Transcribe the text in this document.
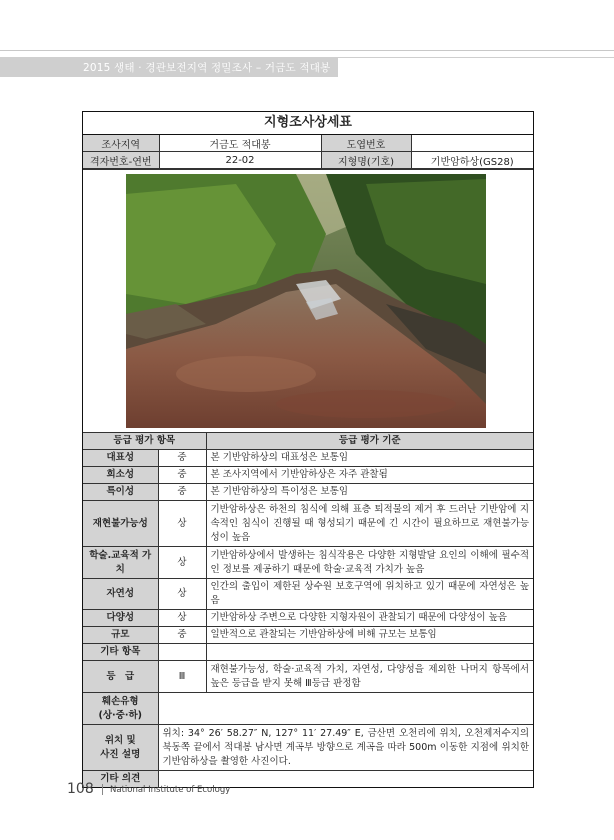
2015 생태 · 경관보전지역 정밀조사 – 거금도 적대봉
지형조사상세표
조사지역	거금도 적대봉	도엽번호	
격자번호-연번	22-02	지형명(기호)	기반암하상(GS28)
등급 평가 항목		등급 평가 기준
대표성	중	본 기반암하상의 대표성은 보통임
희소성	중	본 조사지역에서 기반암하상은 자주 관찰됨
특이성	중	본 기반암하상의 특이성은 보통임
재현불가능성	상	기반암하상은 하천의 침식에 의해 표층 퇴적물의 제거 후 드러난 기반암에 지속적인 침식이 진행될 때 형성되기 때문에 긴 시간이 필요하므로 재현불가능성이 높음
학술.교육적 가치	상	기반암하상에서 발생하는 침식작용은 다양한 지형발달 요인의 이해에 필수적인 정보를 제공하기 때문에 학술·교육적 가치가 높음
자연성	상	인간의 출입이 제한된 상수원 보호구역에 위치하고 있기 때문에 자연성은 높음
다양성	상	기반암하상 주변으로 다양한 지형자원이 관찰되기 때문에 다양성이 높음
규모	중	일반적으로 관찰되는 기반암하상에 비해 규모는 보통임
기타 항목		
등　급	Ⅲ	재현불가능성, 학술·교육적 가치, 자연성, 다양성을 제외한 나머지 항목에서 높은 등급을 받지 못해 Ⅲ등급 판정함

훼손유형
(상·중·하)		

위치 및
사진 설명	위치: 34° 26′ 58.27″ N, 127° 11′ 27.49″ E, 금산면 오천리에 위치, 오천제저수지의 북동쪽 끝에서 적대봉 남사면 계곡부 방향으로 계곡을 따라 500m 이동한 지점에 위치한 기반암하상을 촬영한 사진이다.	
기타 의견		
108 National Institute of Ecology
